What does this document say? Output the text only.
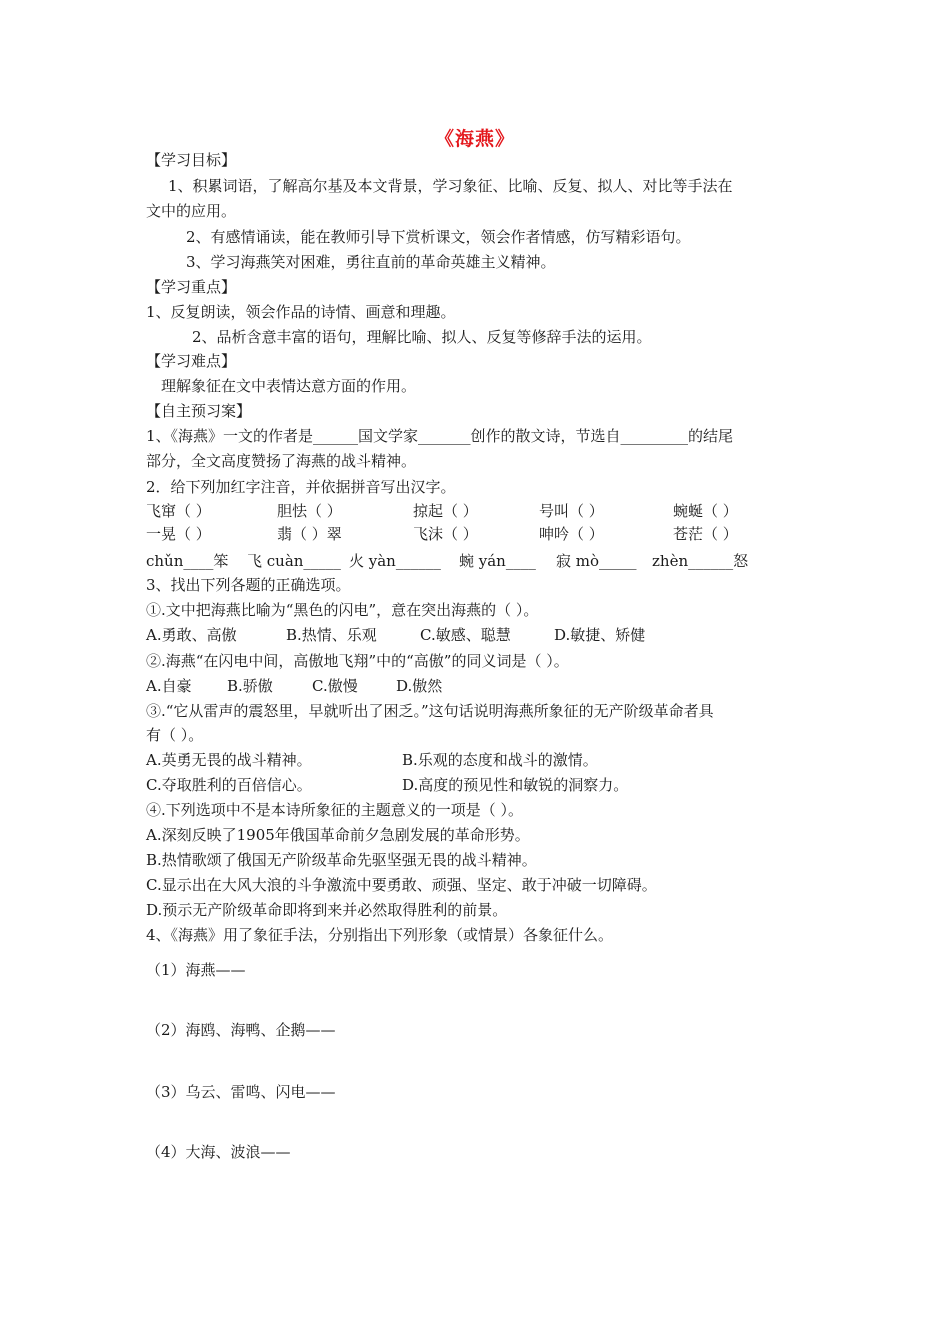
《海燕》
【学习目标】
1、积累词语，了解高尔基及本文背景，学习象征、比喻、反复、拟人、对比等手法在
文中的应用。
2、有感情诵读，能在教师引导下赏析课文，领会作者情感，仿写精彩语句。
3、学习海燕笑对困难，勇往直前的革命英雄主义精神。
【学习重点】
1、反复朗读，领会作品的诗情、画意和理趣。
2、品析含意丰富的语句，理解比喻、拟人、反复等修辞手法的运用。
【学习难点】
理解象征在文中表情达意方面的作用。
【自主预习案】
1、《海燕》一文的作者是______国文学家_______创作的散文诗，节选自_________的结尾
部分，全文高度赞扬了海燕的战斗精神。
2．给下列加红字注音，并依据拼音写出汉字。
飞窜（ ）	胆怯（ ）	掠起（ ）	号叫（ ）	蜿蜒（ ）
一晃（ ）	翡（ ）翠	飞沫（ ）	呻吟（ ）	苍茫（ ）
chǔn____笨 飞 cuàn_____ 火 yàn______ 蜿 yán____ 寂 mò_____ zhèn______怒
3、找出下列各题的正确选项。
①.文中把海燕比喻为“黑色的闪电”，意在突出海燕的（ ）。
A.勇敢、高傲	B.热情、乐观	C.敏感、聪慧	D.敏捷、矫健
②.海燕“在闪电中间，高傲地飞翔”中的“高傲”的同义词是（ ）。
A.自豪 B.骄傲	C.傲慢	D.傲然
③.“它从雷声的震怒里，早就听出了困乏。”这句话说明海燕所象征的无产阶级革命者具
有（ ）。
A.英勇无畏的战斗精神。	B.乐观的态度和战斗的激情。
C.夺取胜利的百倍信心。	D.高度的预见性和敏锐的洞察力。
④.下列选项中不是本诗所象征的主题意义的一项是（ ）。
A.深刻反映了1905年俄国革命前夕急剧发展的革命形势。
B.热情歌颂了俄国无产阶级革命先驱坚强无畏的战斗精神。
C.显示出在大风大浪的斗争激流中要勇敢、顽强、坚定、敢于冲破一切障碍。
D.预示无产阶级革命即将到来并必然取得胜利的前景。
4、《海燕》用了象征手法，分别指出下列形象（或情景）各象征什么。
（1）海燕——
（2）海鸥、海鸭、企鹅——
（3）乌云、雷鸣、闪电——
（4）大海、波浪——
